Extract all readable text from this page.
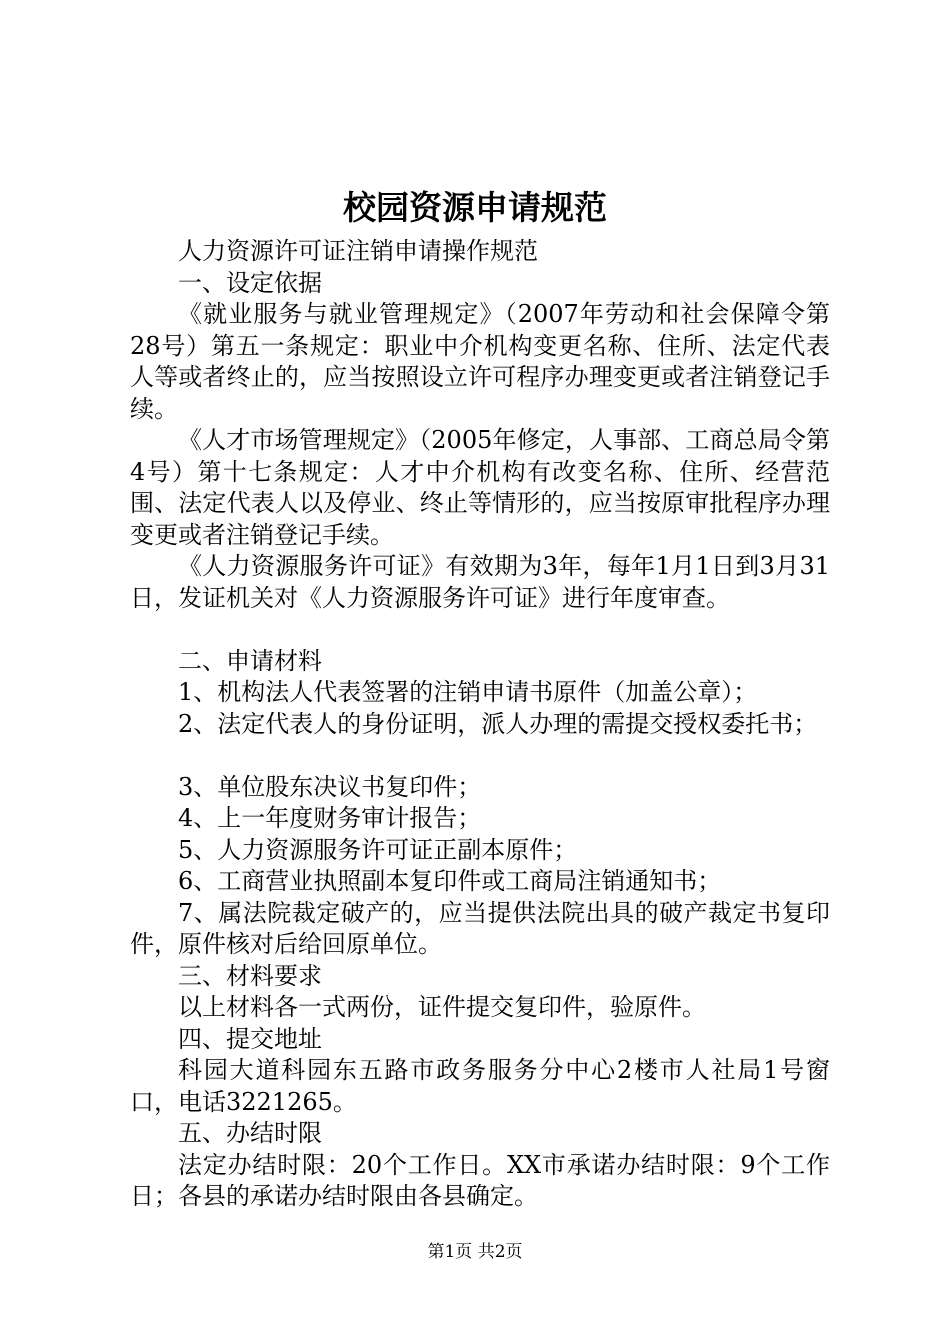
校园资源申请规范

人力资源许可证注销申请操作规范

一、设定依据

《就业服务与就业管理规定》（2007年劳动和社会保障令第28号）第五一条规定：职业中介机构变更名称、住所、法定代表人等或者终止的，应当按照设立许可程序办理变更或者注销登记手续。

《人才市场管理规定》（2005年修定，人事部、工商总局令第4号）第十七条规定：人才中介机构有改变名称、住所、经营范围、法定代表人以及停业、终止等情形的，应当按原审批程序办理变更或者注销登记手续。

《人力资源服务许可证》有效期为3年，每年1月1日到3月31日，发证机关对《人力资源服务许可证》进行年度审查。

二、申请材料

1、机构法人代表签署的注销申请书原件（加盖公章）；

2、法定代表人的身份证明，派人办理的需提交授权委托书；

3、单位股东决议书复印件；

4、上一年度财务审计报告；

5、人力资源服务许可证正副本原件；

6、工商营业执照副本复印件或工商局注销通知书；

7、属法院裁定破产的，应当提供法院出具的破产裁定书复印件，原件核对后给回原单位。

三、材料要求

以上材料各一式两份，证件提交复印件，验原件。

四、提交地址

科园大道科园东五路市政务服务分中心2楼市人社局1号窗口，电话3221265。

五、办结时限

法定办结时限：20个工作日。XX市承诺办结时限：9个工作日；各县的承诺办结时限由各县确定。

第1页 共2页
